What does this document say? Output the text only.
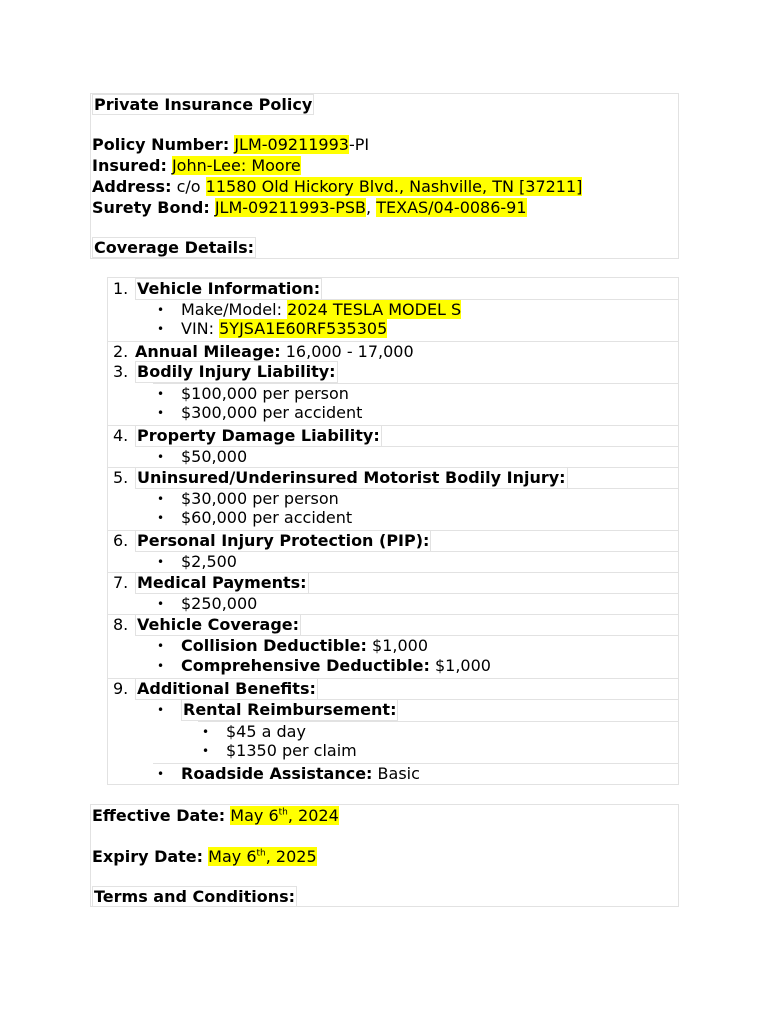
Private Insurance Policy
Policy Number: JLM-09211993-PI
Insured: John-Lee: Moore
Address: c/o 11580 Old Hickory Blvd., Nashville, TN [37211]
Surety Bond: JLM-09211993-PSB, TEXAS/04-0086-91
Coverage Details:
1. Vehicle Information:
• Make/Model: 2024 TESLA MODEL S
• VIN: 5YJSA1E60RF535305
2. Annual Mileage: 16,000 - 17,000
3. Bodily Injury Liability:
• $100,000 per person
• $300,000 per accident
4. Property Damage Liability:
• $50,000
5. Uninsured/Underinsured Motorist Bodily Injury:
• $30,000 per person
• $60,000 per accident
6. Personal Injury Protection (PIP):
• $2,500
7. Medical Payments:
• $250,000
8. Vehicle Coverage:
• Collision Deductible: $1,000
• Comprehensive Deductible: $1,000
9. Additional Benefits:
• Rental Reimbursement:
• $45 a day
• $1350 per claim
• Roadside Assistance: Basic
Effective Date: May 6th, 2024
Expiry Date: May 6th, 2025
Terms and Conditions:
